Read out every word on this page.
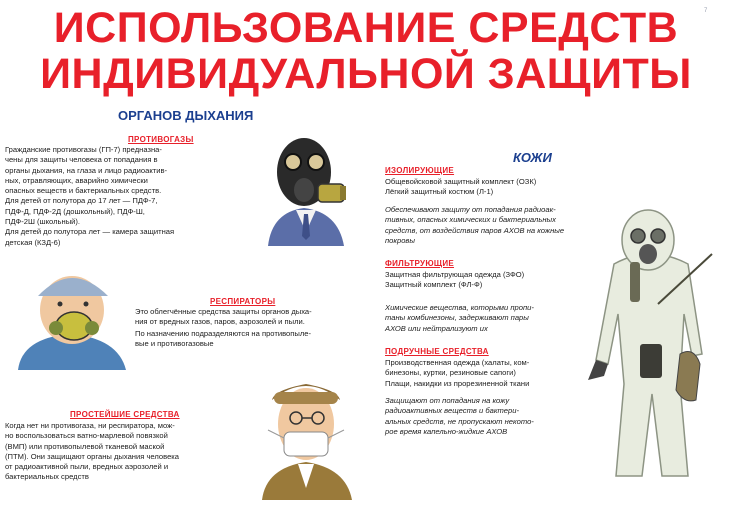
ИСПОЛЬЗОВАНИЕ СРЕДСТВ
ИНДИВИДУАЛЬНОЙ ЗАЩИТЫ
7
ОРГАНОВ ДЫХАНИЯ
КОЖИ
ПРОТИВОГАЗЫ

Гражданские противогазы (ГП-7) предназна-

чены для защиты человека от попадания в

органы дыхания, на глаза и лицо радиоактив-

ных, отравляющих, аварийно химически

опасных веществ и бактериальных средств.

Для детей от полутора до 17 лет — ПДФ-7,

ПДФ-Д, ПДФ-2Д (дошкольный), ПДФ-Ш,

ПДФ-2Ш (школьный).

Для детей до полутора лет — камера защитная

детская (КЗД-6)

РЕСПИРАТОРЫ

Это облегчённые средства защиты органов дыха-

ния от вредных газов, паров, аэрозолей и пыли.

По назначению подразделяются на противопыле-

вые и противогазовые

ПРОСТЕЙШИЕ СРЕДСТВА

Когда нет ни противогаза, ни респиратора, мож-

но воспользоваться ватно-марлевой повязкой

(ВМП) или противопылевой тканевой маской

(ПТМ). Они защищают органы дыхания человека

от радиоактивной пыли, вредных аэрозолей и

бактериальных средств

ИЗОЛИРУЮЩИЕ

Общевойсковой защитный комплект (ОЗК)

Лёгкий защитный костюм (Л-1)

Обеспечивают защиту от попадания радиоак-

тивных, опасных химических и бактериальных

средств, от воздействия паров АХОВ на кожные

покровы

ФИЛЬТРУЮЩИЕ

Защитная фильтрующая одежда (ЗФО)

Защитный комплект (ФЛ-Ф)

Химические вещества, которыми пропи-

таны комбинезоны, задерживают пары

АХОВ или нейтрализуют их

ПОДРУЧНЫЕ СРЕДСТВА

Производственная одежда (халаты, ком-

бинезоны, куртки, резиновые сапоги)

Плащи, накидки из прорезиненной ткани

Защищают от попадания на кожу

радиоактивных веществ и бактери-

альных средств, не пропускают некото-

рое время капельно-жидкие АХОВ
